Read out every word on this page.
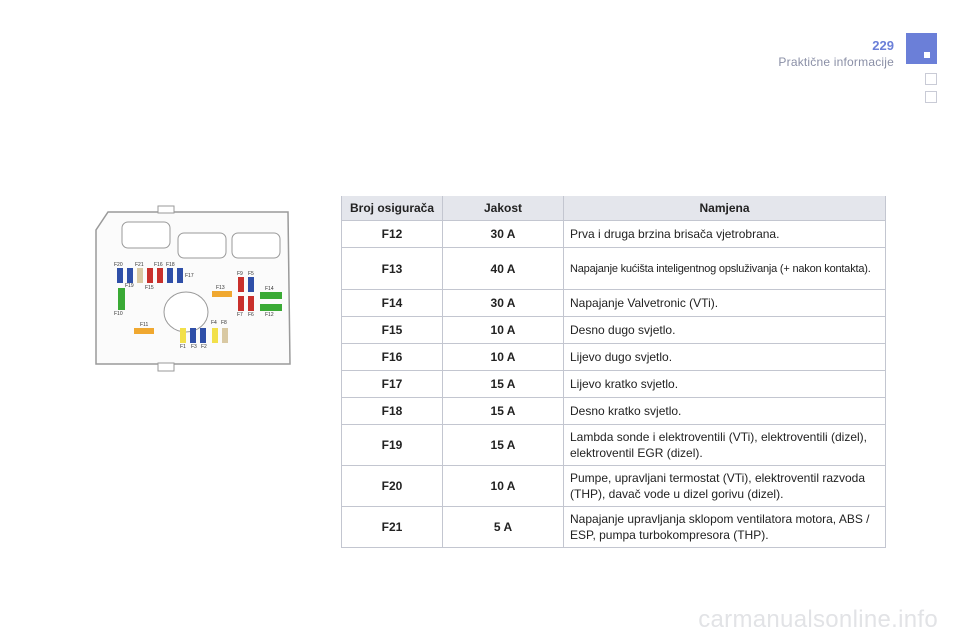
229
Praktične informacije
F20 F21 F16 F18
F17
F19 F15
F10
F13
F11
F9 F5
F14
F12
F7 F6
F4 F8
F1 F3 F2
Broj osigurača	Jakost	Namjena
F12	30 A	Prva i druga brzina brisača vjetrobrana.
F13	40 A	Napajanje kućišta inteligentnog opsluživanja (+ nakon kontakta).
F14	30 A	Napajanje Valvetronic (VTi).
F15	10 A	Desno dugo svjetlo.
F16	10 A	Lijevo dugo svjetlo.
F17	15 A	Lijevo kratko svjetlo.
F18	15 A	Desno kratko svjetlo.
F19	15 A	Lambda sonde i elektroventili (VTi), elektroventili (dizel), elektroventil EGR (dizel).
F20	10 A	Pumpe, upravljani termostat (VTi), elektroventil razvoda (THP), davač vode u dizel gorivu (dizel).
F21	5 A	Napajanje upravljanja sklopom ventilatora motora, ABS / ESP, pumpa turbokompresora (THP).
carmanualsonline.info
